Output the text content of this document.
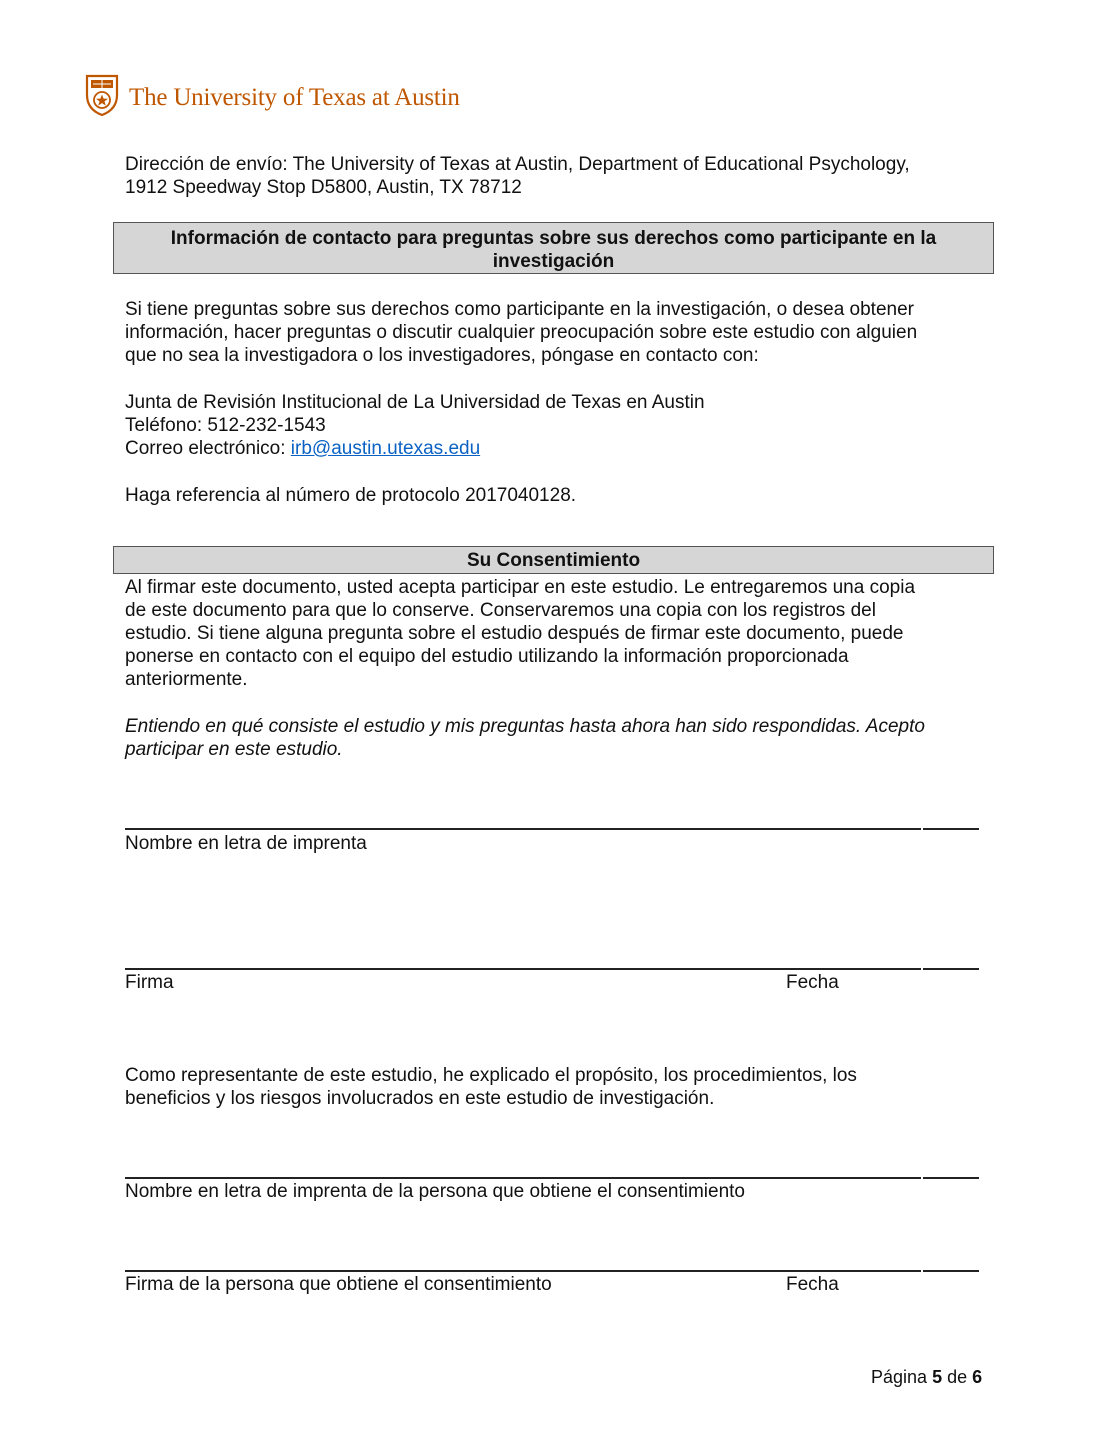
The University of Texas at Austin
Dirección de envío: The University of Texas at Austin, Department of Educational Psychology,
1912 Speedway Stop D5800, Austin, TX 78712
Información de contacto para preguntas sobre sus derechos como participante en la
investigación
Si tiene preguntas sobre sus derechos como participante en la investigación, o desea obtener
información, hacer preguntas o discutir cualquier preocupación sobre este estudio con alguien
que no sea la investigadora o los investigadores, póngase en contacto con:
Junta de Revisión Institucional de La Universidad de Texas en Austin
Teléfono: 512-232-1543
Correo electrónico: irb@austin.utexas.edu
Haga referencia al número de protocolo 2017040128.
Su Consentimiento
Al firmar este documento, usted acepta participar en este estudio. Le entregaremos una copia
de este documento para que lo conserve. Conservaremos una copia con los registros del
estudio. Si tiene alguna pregunta sobre el estudio después de firmar este documento, puede
ponerse en contacto con el equipo del estudio utilizando la información proporcionada
anteriormente.
Entiendo en qué consiste el estudio y mis preguntas hasta ahora han sido respondidas. Acepto
participar en este estudio.
Nombre en letra de imprenta
Firma	Fecha
Como representante de este estudio, he explicado el propósito, los procedimientos, los
beneficios y los riesgos involucrados en este estudio de investigación.
Nombre en letra de imprenta de la persona que obtiene el consentimiento
Firma de la persona que obtiene el consentimiento	Fecha
Página 5 de 6
